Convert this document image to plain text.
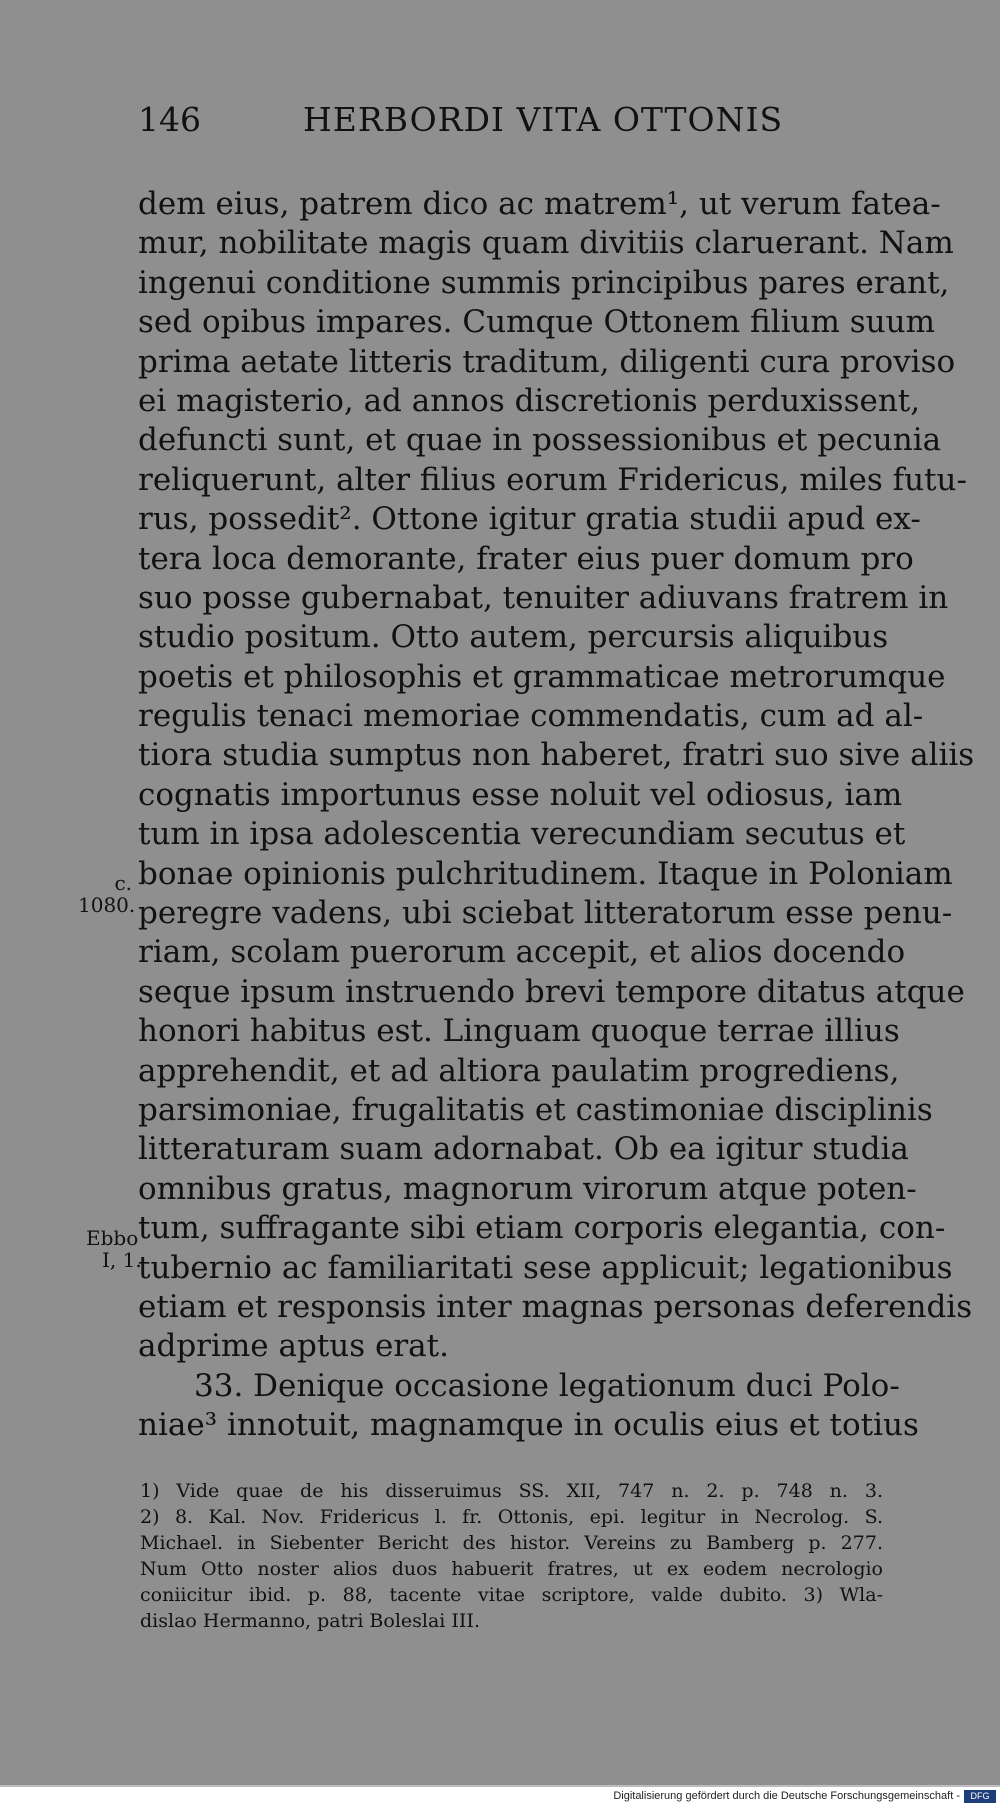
146	HERBORDI VITA OTTONIS
dem eius, patrem dico ac matrem¹, ut verum fatea-
mur, nobilitate magis quam divitiis claruerant. Nam
ingenui conditione summis principibus pares erant,
sed opibus impares. Cumque Ottonem filium suum
prima aetate litteris traditum, diligenti cura proviso
ei magisterio, ad annos discretionis perduxissent,
defuncti sunt, et quae in possessionibus et pecunia
reliquerunt, alter filius eorum Fridericus, miles futu-
rus, possedit². Ottone igitur gratia studii apud ex-
tera loca demorante, frater eius puer domum pro
suo posse gubernabat, tenuiter adiuvans fratrem in
studio positum. Otto autem, percursis aliquibus
poetis et philosophis et grammaticae metrorumque
regulis tenaci memoriae commendatis, cum ad al-
tiora studia sumptus non haberet, fratri suo sive aliis
cognatis importunus esse noluit vel odiosus, iam
tum in ipsa adolescentia verecundiam secutus et
bonae opinionis pulchritudinem. Itaque in Poloniam
peregre vadens, ubi sciebat litteratorum esse penu-
riam, scolam puerorum accepit, et alios docendo
seque ipsum instruendo brevi tempore ditatus atque
honori habitus est. Linguam quoque terrae illius
apprehendit, et ad altiora paulatim progrediens,
parsimoniae, frugalitatis et castimoniae disciplinis
litteraturam suam adornabat. Ob ea igitur studia
omnibus gratus, magnorum virorum atque poten-
tum, suffragante sibi etiam corporis elegantia, con-
tubernio ac familiaritati sese applicuit; legationibus
etiam et responsis inter magnas personas deferendis
adprime aptus erat.
33. Denique occasione legationum duci Polo-
niae³ innotuit, magnamque in oculis eius et totius
c.
1080.
Ebbo
I, 1.
1) Vide quae de his disseruimus SS. XII, 747 n. 2. p. 748 n. 3.
2) 8. Kal. Nov. Fridericus l. fr. Ottonis, epi. legitur in Necrolog. S.
Michael. in Siebenter Bericht des histor. Vereins zu Bamberg p. 277.
Num Otto noster alios duos habuerit fratres, ut ex eodem necrologio
coniicitur ibid. p. 88, tacente vitae scriptore, valde dubito. 3) Wla-
dislao Hermanno, patri Boleslai III.
Digitalisierung gefördert durch die Deutsche Forschungsgemeinschaft -	DFG
